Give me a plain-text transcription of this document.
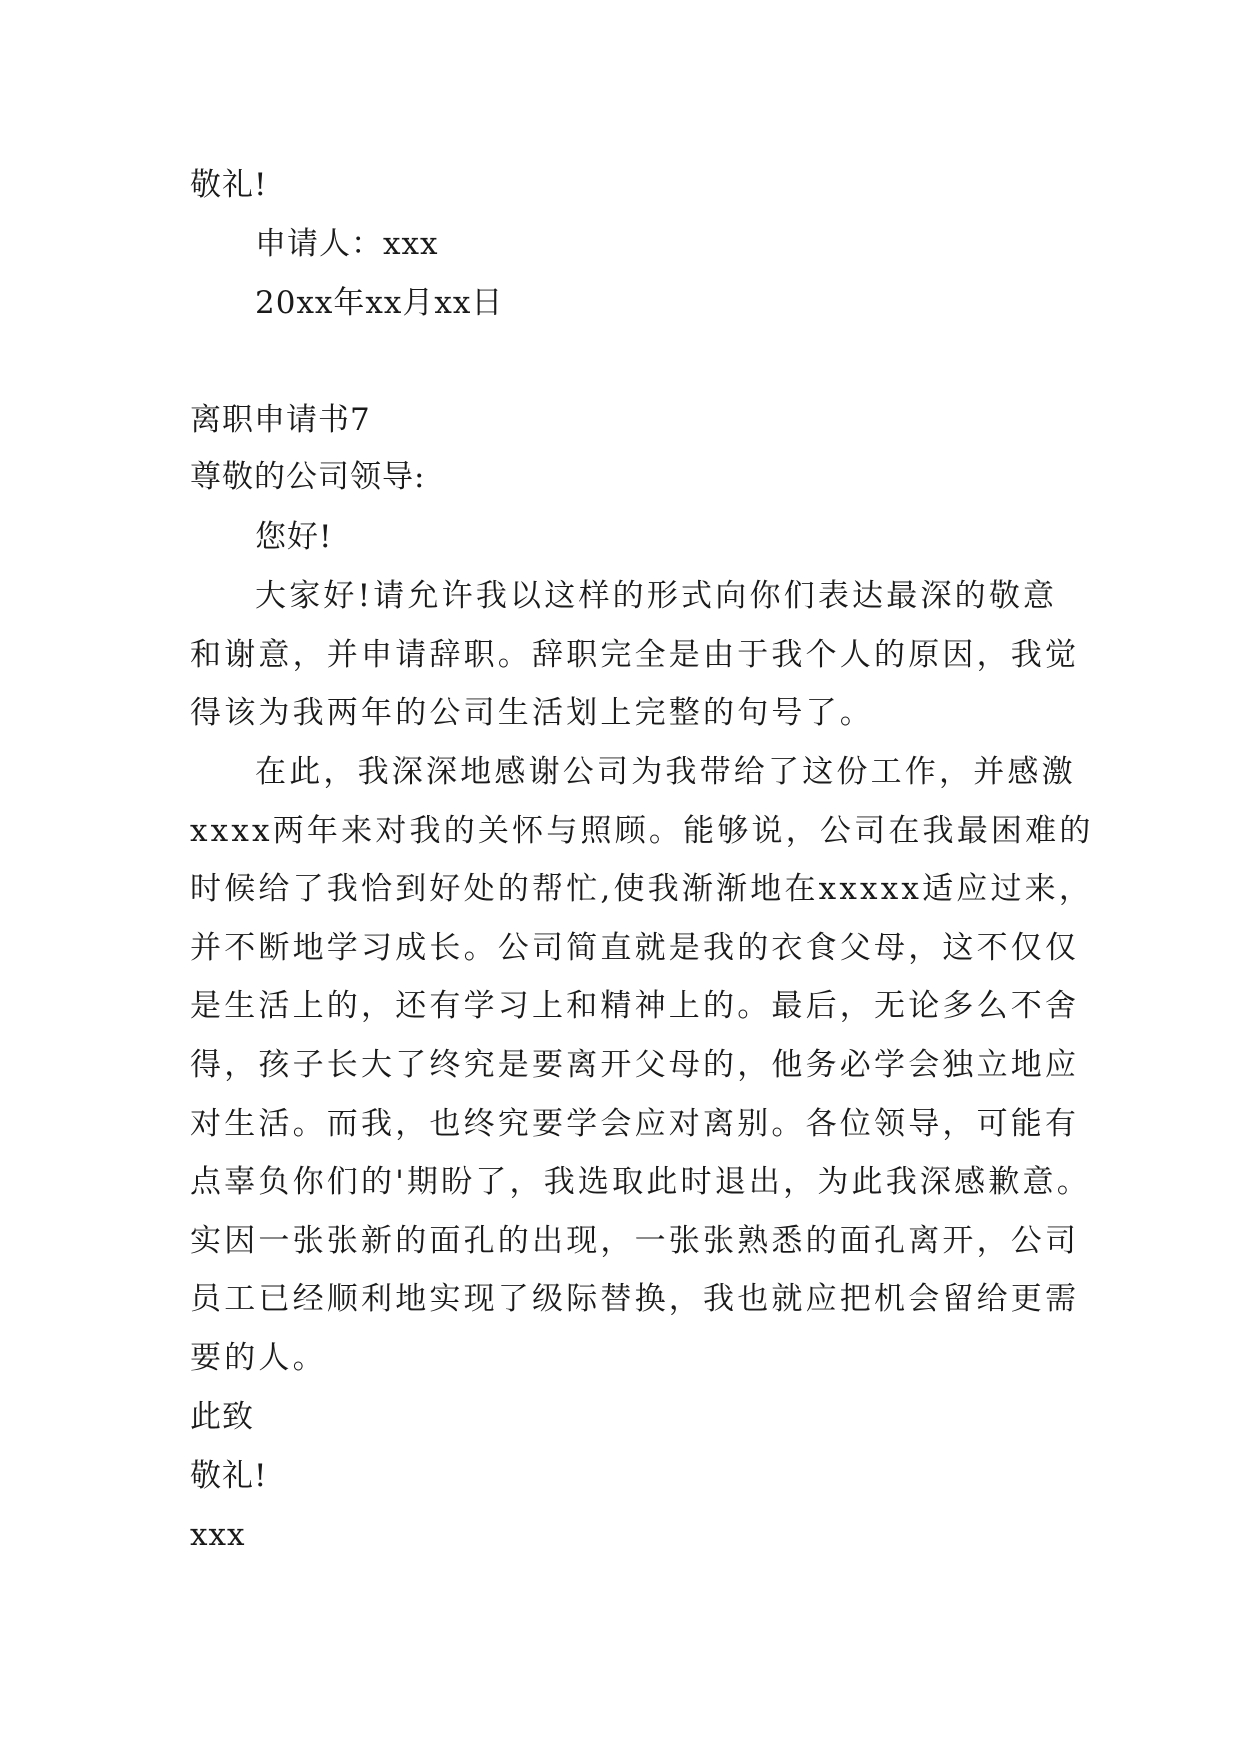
敬礼!
申请人：xxx
20xx年xx月xx日
离职申请书7
尊敬的公司领导:
您好!
大家好!请允许我以这样的形式向你们表达最深的敬意
和谢意，并申请辞职。辞职完全是由于我个人的原因，我觉
得该为我两年的公司生活划上完整的句号了。
在此，我深深地感谢公司为我带给了这份工作，并感激
xxxx两年来对我的关怀与照顾。能够说，公司在我最困难的
时候给了我恰到好处的帮忙,使我渐渐地在xxxxx适应过来，
并不断地学习成长。公司简直就是我的衣食父母，这不仅仅
是生活上的，还有学习上和精神上的。最后，无论多么不舍
得，孩子长大了终究是要离开父母的，他务必学会独立地应
对生活。而我，也终究要学会应对离别。各位领导，可能有
点辜负你们的'期盼了，我选取此时退出，为此我深感歉意。
实因一张张新的面孔的出现，一张张熟悉的面孔离开，公司
员工已经顺利地实现了级际替换，我也就应把机会留给更需
要的人。
此致
敬礼!
xxx
